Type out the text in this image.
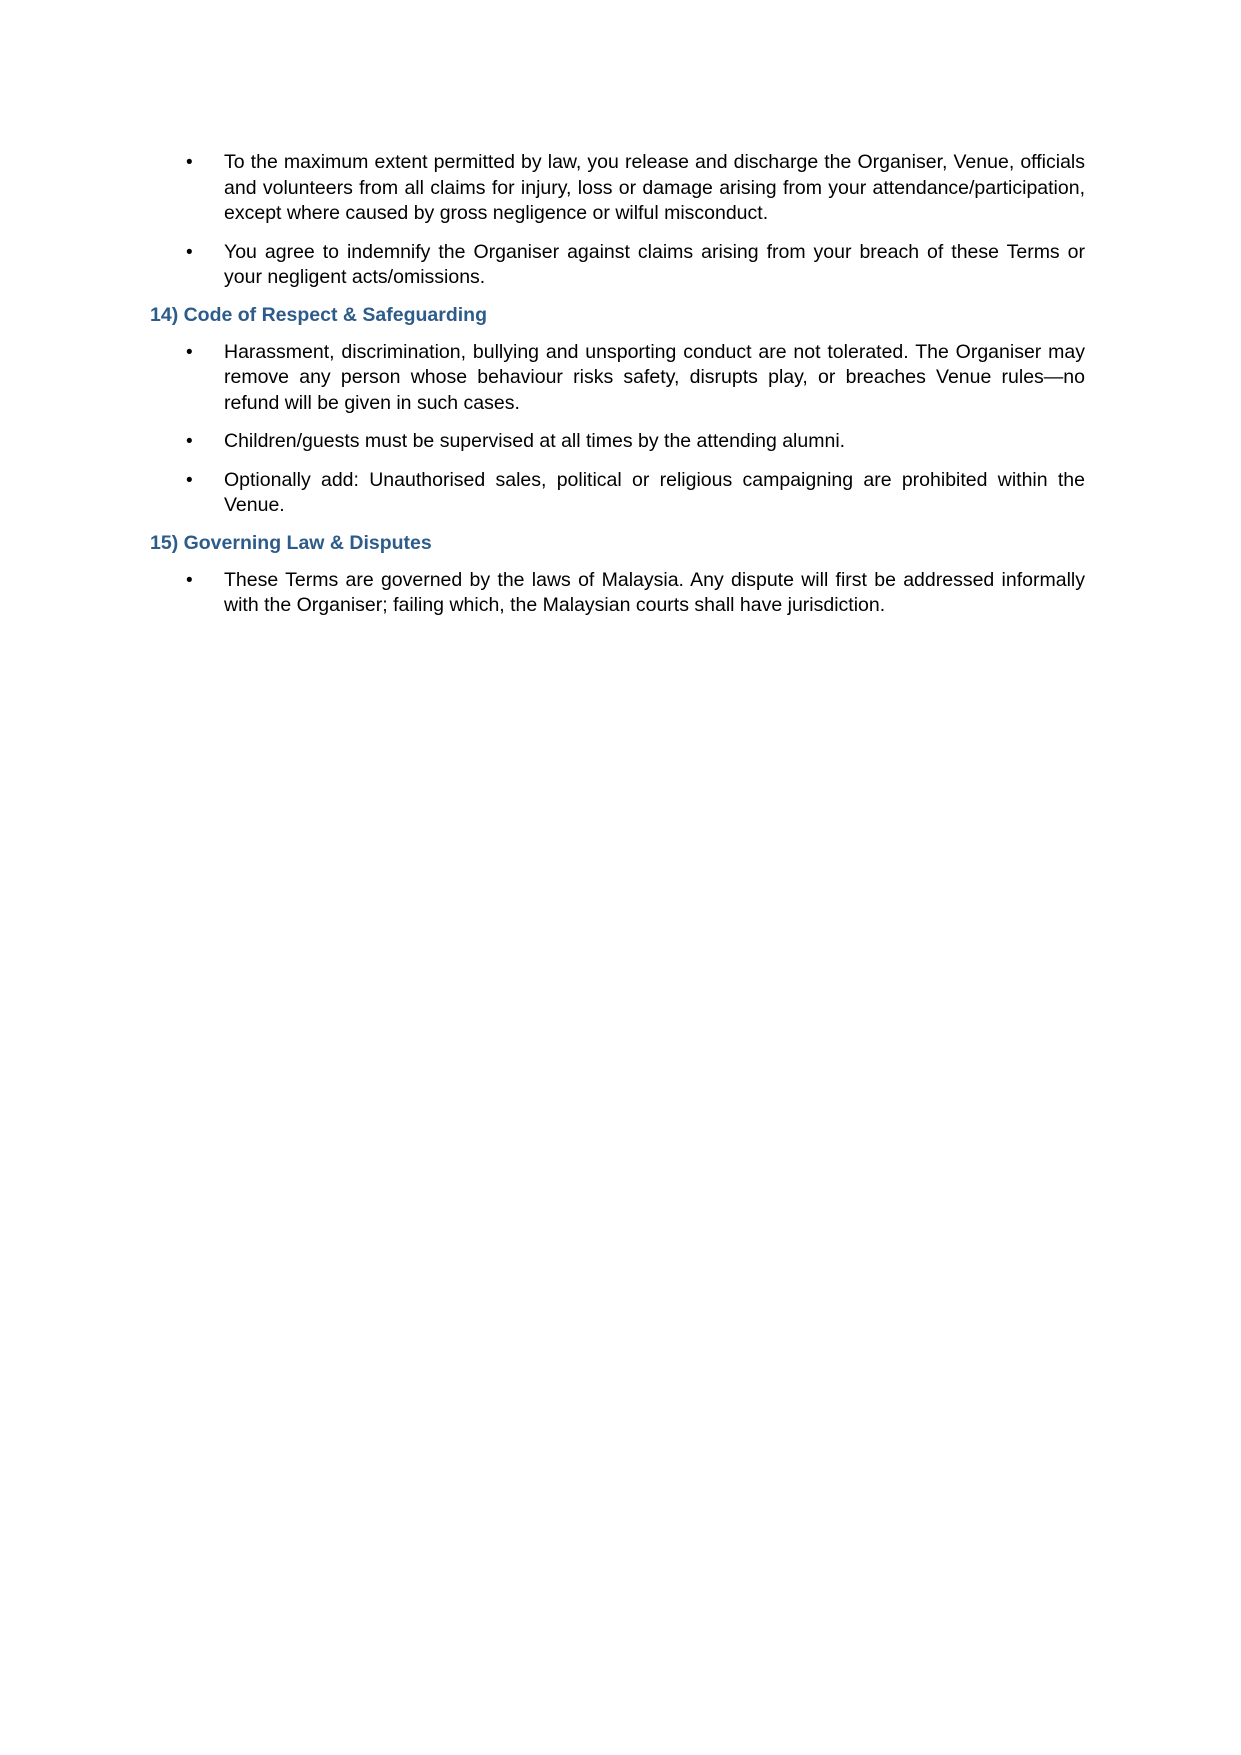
• To the maximum extent permitted by law, you release and discharge the Organiser, Venue, officials and volunteers from all claims for injury, loss or damage arising from your attendance/participation, except where caused by gross negligence or wilful misconduct.
• You agree to indemnify the Organiser against claims arising from your breach of these Terms or your negligent acts/omissions.
14) Code of Respect & Safeguarding
• Harassment, discrimination, bullying and unsporting conduct are not tolerated. The Organiser may remove any person whose behaviour risks safety, disrupts play, or breaches Venue rules—no refund will be given in such cases.
• Children/guests must be supervised at all times by the attending alumni.
• Optionally add: Unauthorised sales, political or religious campaigning are prohibited within the Venue.
15) Governing Law & Disputes
• These Terms are governed by the laws of Malaysia. Any dispute will first be addressed informally with the Organiser; failing which, the Malaysian courts shall have jurisdiction.
